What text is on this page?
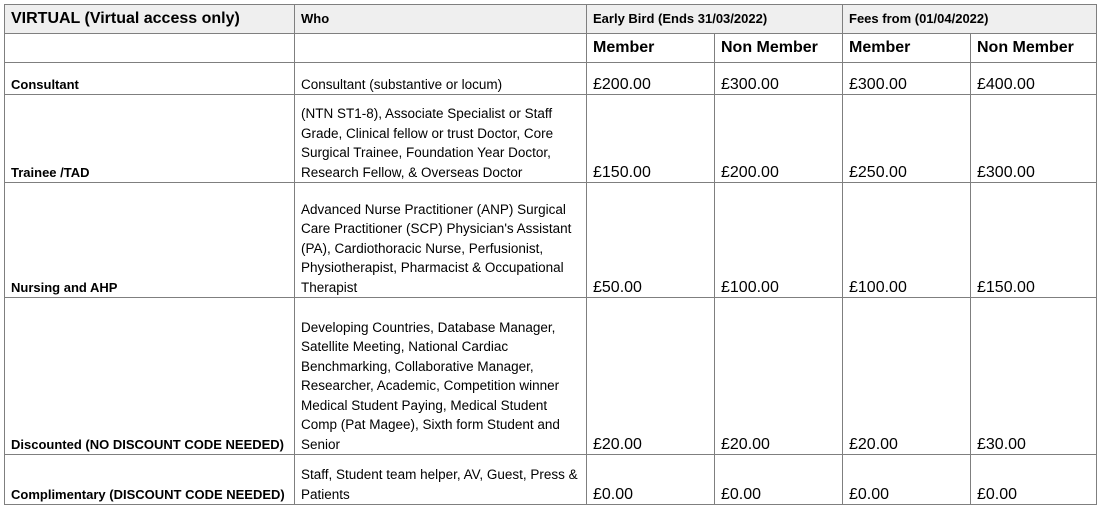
VIRTUAL (Virtual access only)	Who	Early Bird (Ends 31/03/2022)		Fees from (01/04/2022)	
		Member	Non Member	Member	Non Member
Consultant	Consultant (substantive or locum)	£200.00	£300.00	£300.00	£400.00
Trainee /TAD	(NTN ST1-8), Associate Specialist or Staff Grade, Clinical fellow or trust Doctor, Core Surgical Trainee, Foundation Year Doctor, Research Fellow, & Overseas Doctor	£150.00	£200.00	£250.00	£300.00
Nursing and AHP	Advanced Nurse Practitioner (ANP) Surgical Care Practitioner (SCP) Physician's Assistant (PA), Cardiothoracic Nurse, Perfusionist, Physiotherapist, Pharmacist & Occupational Therapist	£50.00	£100.00	£100.00	£150.00
Discounted (NO DISCOUNT CODE NEEDED)	Developing Countries, Database Manager, Satellite Meeting, National Cardiac Benchmarking, Collaborative Manager, Researcher, Academic, Competition winner Medical Student Paying, Medical Student Comp (Pat Magee), Sixth form Student and Senior	£20.00	£20.00	£20.00	£30.00
Complimentary (DISCOUNT CODE NEEDED)	Staff, Student team helper, AV, Guest, Press & Patients	£0.00	£0.00	£0.00	£0.00
